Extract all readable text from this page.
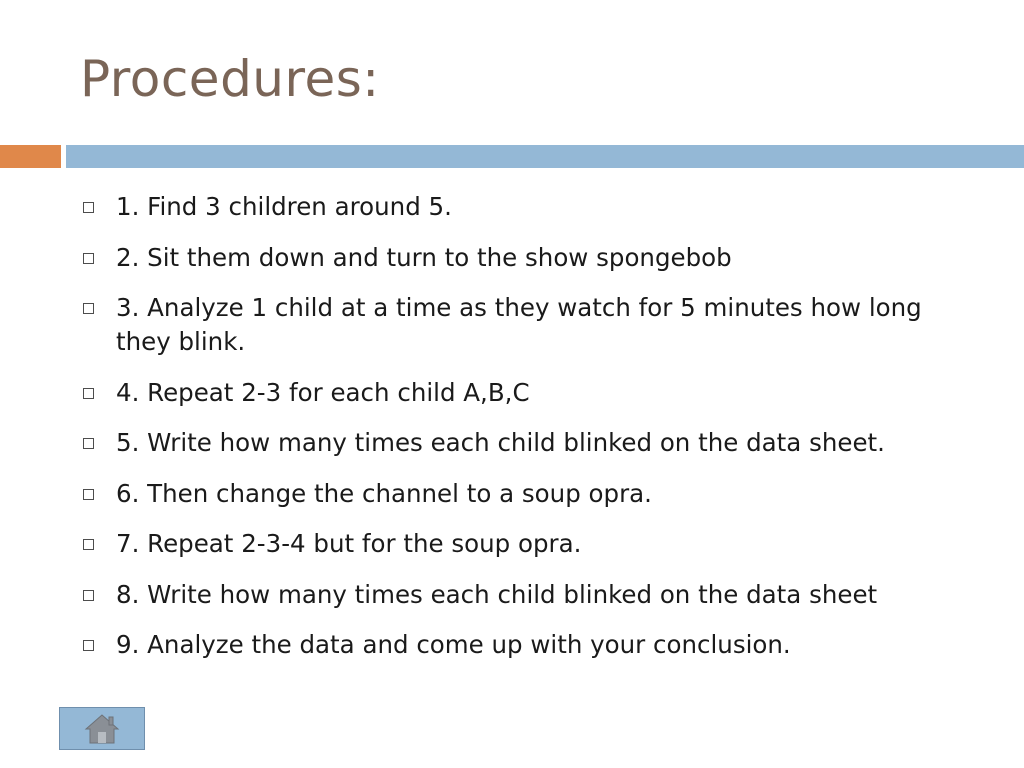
Procedures:
1. Find 3 children around 5.
2. Sit them down and turn to the show spongebob
3. Analyze 1 child at a time as they watch for 5 minutes how long they blink.
4. Repeat 2-3 for each child A,B,C
5. Write how many times each child blinked on the data sheet.
6. Then change the channel to a soup opra.
7. Repeat 2-3-4 but for the soup opra.
8. Write how many times each child blinked on the data sheet
9. Analyze the data and come up with your conclusion.
